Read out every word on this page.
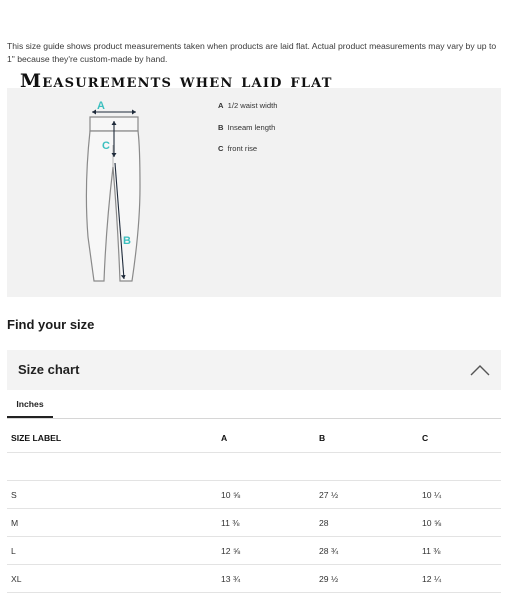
This size guide shows product measurements taken when products are laid flat. Actual product measurements may vary by up to 1" because they're custom-made by hand.
Measurements when laid flat
A
C
B
A 1/2 waist width
B Inseam length
C front rise
Find your size
Size chart
Inches
SIZE LABEL	A	B	C

S	10 ⅝	27 ½	10 ¼
M	11 ⅜	28	10 ⅝
L	12 ⅝	28 ¾	11 ⅜
XL	13 ¾	29 ½	12 ¼
